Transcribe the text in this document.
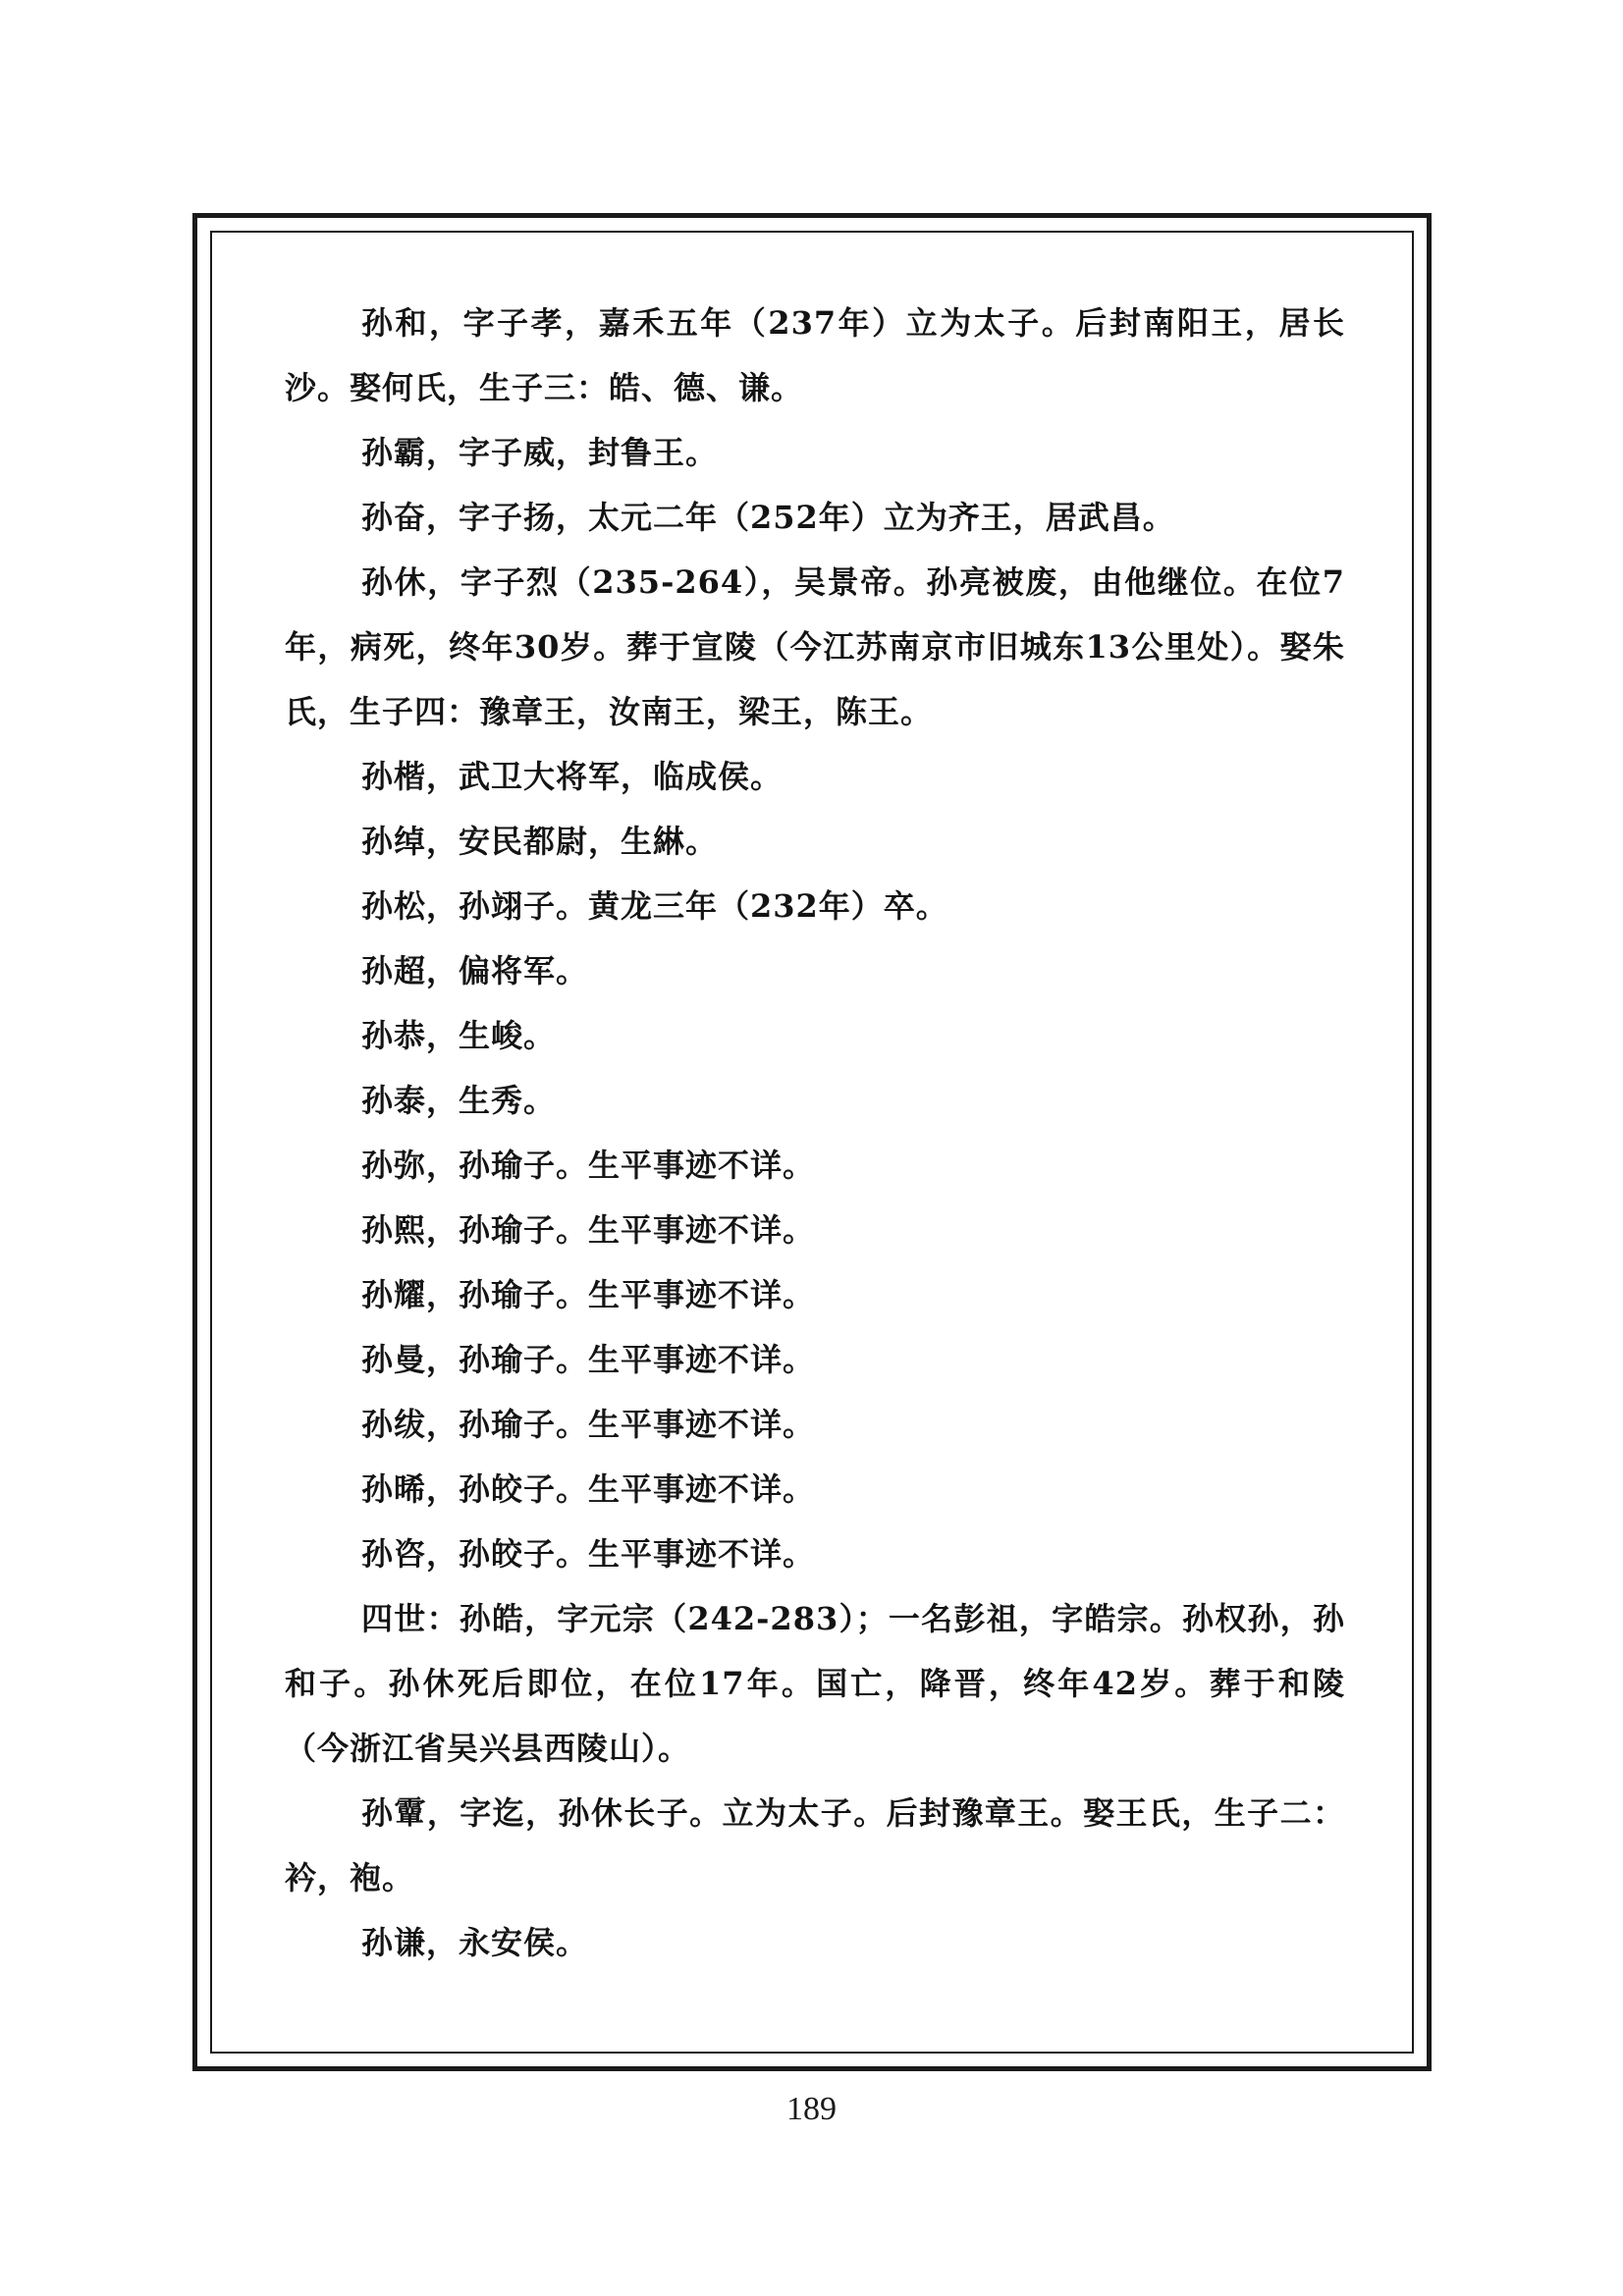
孙和，字子孝，嘉禾五年（237年）立为太子。后封南阳王，居长沙。娶何氏，生子三：皓、德、谦。

孙霸，字子威，封鲁王。

孙奋，字子扬，太元二年（252年）立为齐王，居武昌。

孙休，字子烈（235-264），吴景帝。孙亮被废，由他继位。在位7年，病死，终年30岁。葬于宣陵（今江苏南京市旧城东13公里处）。娶朱氏，生子四：豫章王，汝南王，梁王，陈王。

孙楷，武卫大将军，临成侯。

孙绰，安民都尉，生綝。

孙松，孙翊子。黄龙三年（232年）卒。

孙超，偏将军。

孙恭，生峻。

孙泰，生秀。

孙弥，孙瑜子。生平事迹不详。

孙熙，孙瑜子。生平事迹不详。

孙耀，孙瑜子。生平事迹不详。

孙曼，孙瑜子。生平事迹不详。

孙绂，孙瑜子。生平事迹不详。

孙晞，孙皎子。生平事迹不详。

孙咨，孙皎子。生平事迹不详。

四世：孙皓，字元宗（242-283）；一名彭祖，字皓宗。孙权孙，孙和子。孙休死后即位，在位17年。国亡，降晋，终年42岁。葬于和陵（今浙江省吴兴县西陵山）。

孙𩅦，字迄，孙休长子。立为太子。后封豫章王。娶王氏，生子二：衿，袍。

孙谦，永安侯。

189
